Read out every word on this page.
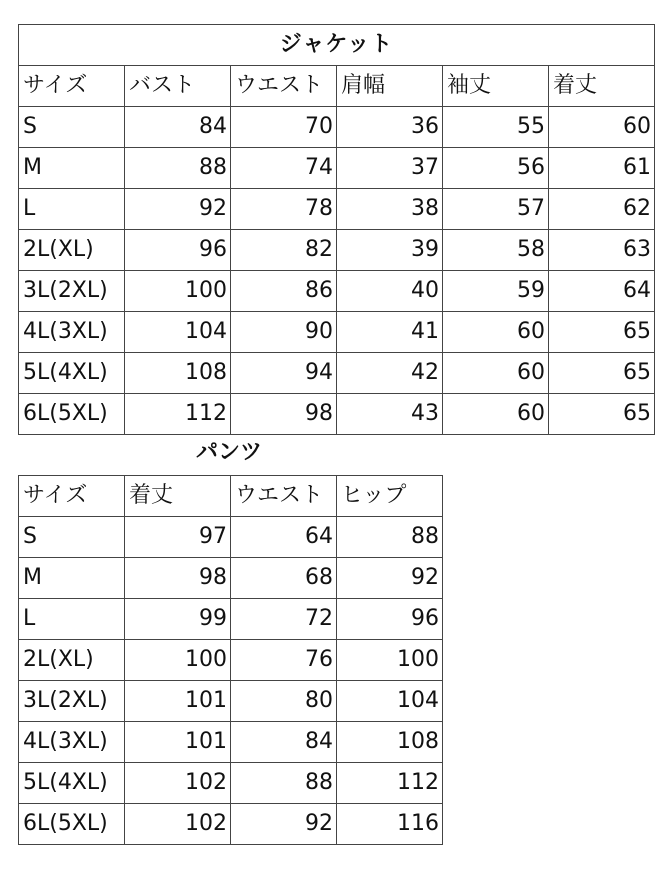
ジャケット					
サイズ	バスト	ウエスト	肩幅	袖丈	着丈
S	84	70	36	55	60
M	88	74	37	56	61
L	92	78	38	57	62
2L(XL)	96	82	39	58	63
3L(2XL)	100	86	40	59	64
4L(3XL)	104	90	41	60	65
5L(4XL)	108	94	42	60	65
6L(5XL)	112	98	43	60	65
パンツ
サイズ	着丈	ウエスト	ヒップ
S	97	64	88
M	98	68	92
L	99	72	96
2L(XL)	100	76	100
3L(2XL)	101	80	104
4L(3XL)	101	84	108
5L(4XL)	102	88	112
6L(5XL)	102	92	116
